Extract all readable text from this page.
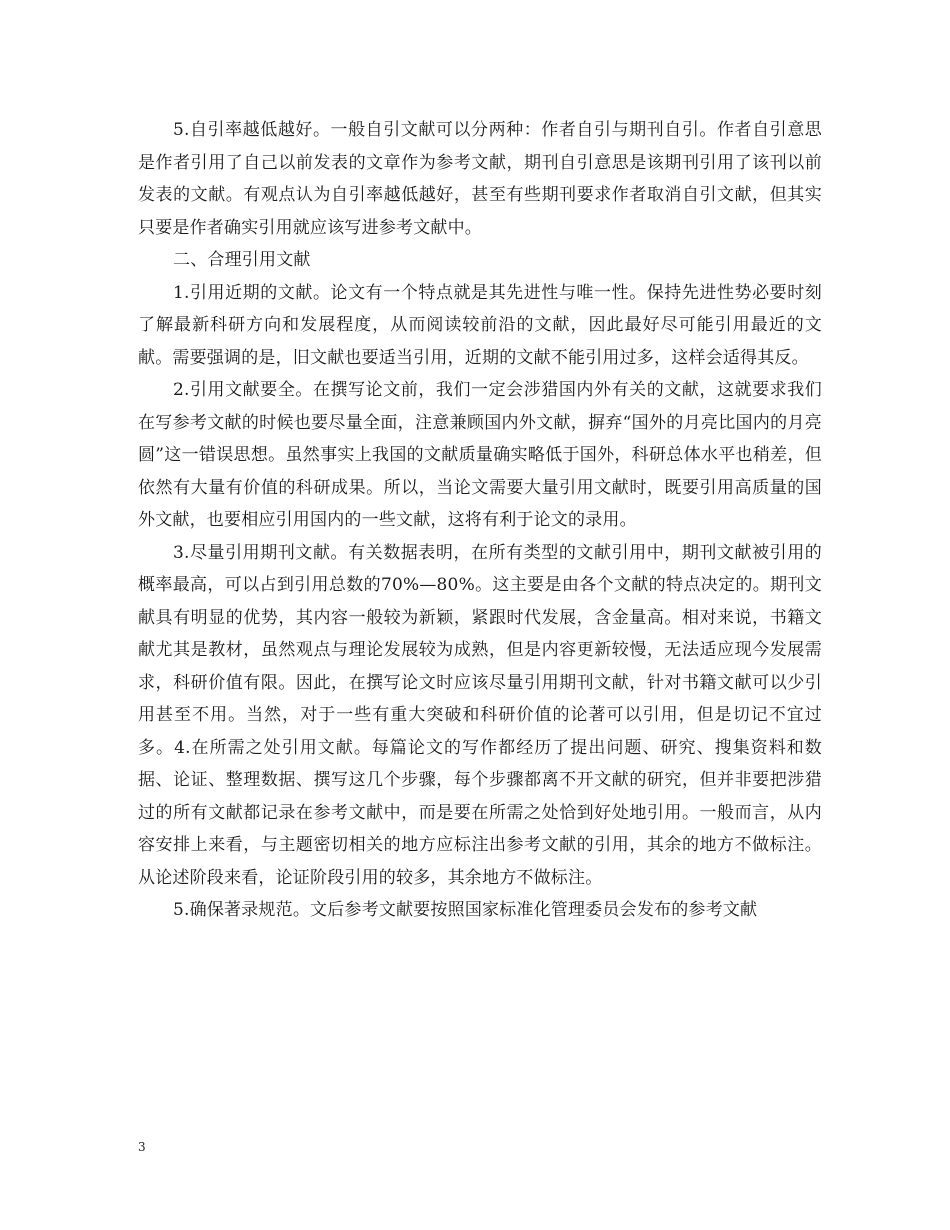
5.自引率越低越好。一般自引文献可以分两种：作者自引与期刊自引。作者自引意思是作者引用了自己以前发表的文章作为参考文献，期刊自引意思是该期刊引用了该刊以前发表的文献。有观点认为自引率越低越好，甚至有些期刊要求作者取消自引文献，但其实只要是作者确实引用就应该写进参考文献中。

二、合理引用文献

1.引用近期的文献。论文有一个特点就是其先进性与唯一性。保持先进性势必要时刻了解最新科研方向和发展程度，从而阅读较前沿的文献，因此最好尽可能引用最近的文献。需要强调的是，旧文献也要适当引用，近期的文献不能引用过多，这样会适得其反。

2.引用文献要全。在撰写论文前，我们一定会涉猎国内外有关的文献，这就要求我们在写参考文献的时候也要尽量全面，注意兼顾国内外文献，摒弃“国外的月亮比国内的月亮圆”这一错误思想。虽然事实上我国的文献质量确实略低于国外，科研总体水平也稍差，但依然有大量有价值的科研成果。所以，当论文需要大量引用文献时，既要引用高质量的国外文献，也要相应引用国内的一些文献，这将有利于论文的录用。

3.尽量引用期刊文献。有关数据表明，在所有类型的文献引用中，期刊文献被引用的概率最高，可以占到引用总数的70%—80%。这主要是由各个文献的特点决定的。期刊文献具有明显的优势，其内容一般较为新颖，紧跟时代发展，含金量高。相对来说，书籍文献尤其是教材，虽然观点与理论发展较为成熟，但是内容更新较慢，无法适应现今发展需求，科研价值有限。因此，在撰写论文时应该尽量引用期刊文献，针对书籍文献可以少引用甚至不用。当然，对于一些有重大突破和科研价值的论著可以引用，但是切记不宜过多。4.在所需之处引用文献。每篇论文的写作都经历了提出问题、研究、搜集资料和数据、论证、整理数据、撰写这几个步骤，每个步骤都离不开文献的研究，但并非要把涉猎过的所有文献都记录在参考文献中，而是要在所需之处恰到好处地引用。一般而言，从内容安排上来看，与主题密切相关的地方应标注出参考文献的引用，其余的地方不做标注。从论述阶段来看，论证阶段引用的较多，其余地方不做标注。

5.确保著录规范。文后参考文献要按照国家标准化管理委员会发布的参考文献

3
